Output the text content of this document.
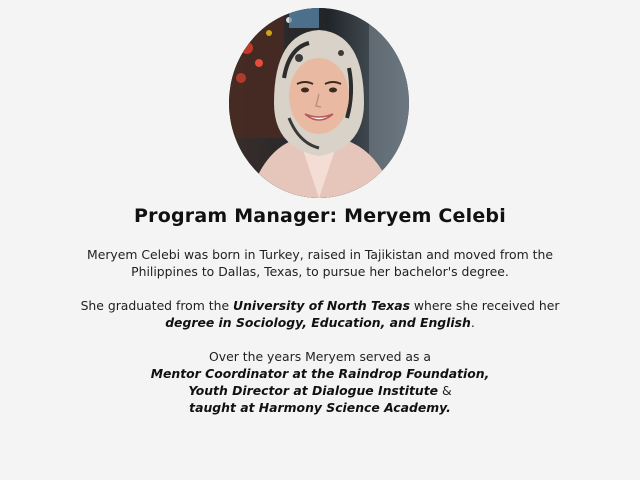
Program Manager: Meryem Celebi

Meryem Celebi was born in Turkey, raised in Tajikistan and moved from the Philippines to Dallas, Texas, to pursue her bachelor's degree.

She graduated from the University of North Texas where she received her degree in Sociology, Education, and English.

Over the years Meryem served as a
Mentor Coordinator at the Raindrop Foundation,
Youth Director at Dialogue Institute &
taught at Harmony Science Academy.
